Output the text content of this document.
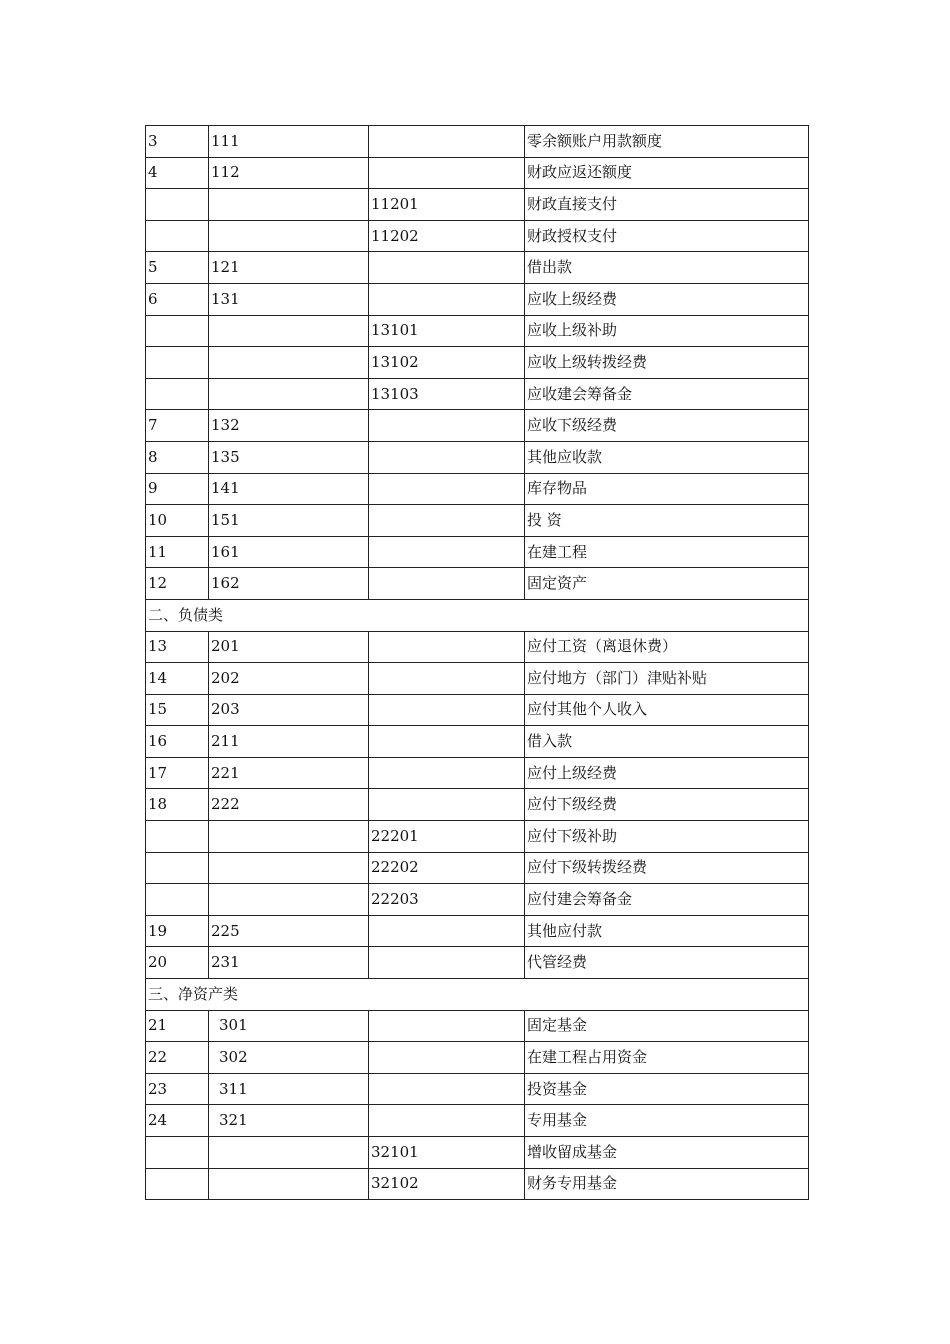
3	111		零余额账户用款额度
4	112		财政应返还额度
		11201	财政直接支付
		11202	财政授权支付
5	121		借出款
6	131		应收上级经费
		13101	应收上级补助
		13102	应收上级转拨经费
		13103	应收建会筹备金
7	132		应收下级经费
8	135		其他应收款
9	141		库存物品
10	151		投 资
11	161		在建工程
12	162		固定资产
二、负债类			
13	201		应付工资（离退休费）
14	202		应付地方（部门）津贴补贴
15	203		应付其他个人收入
16	211		借入款
17	221		应付上级经费
18	222		应付下级经费
		22201	应付下级补助
		22202	应付下级转拨经费
		22203	应付建会筹备金
19	225		其他应付款
20	231		代管经费
三、净资产类			
21	301		固定基金
22	302		在建工程占用资金
23	311		投资基金
24	321		专用基金
		32101	增收留成基金
		32102	财务专用基金
